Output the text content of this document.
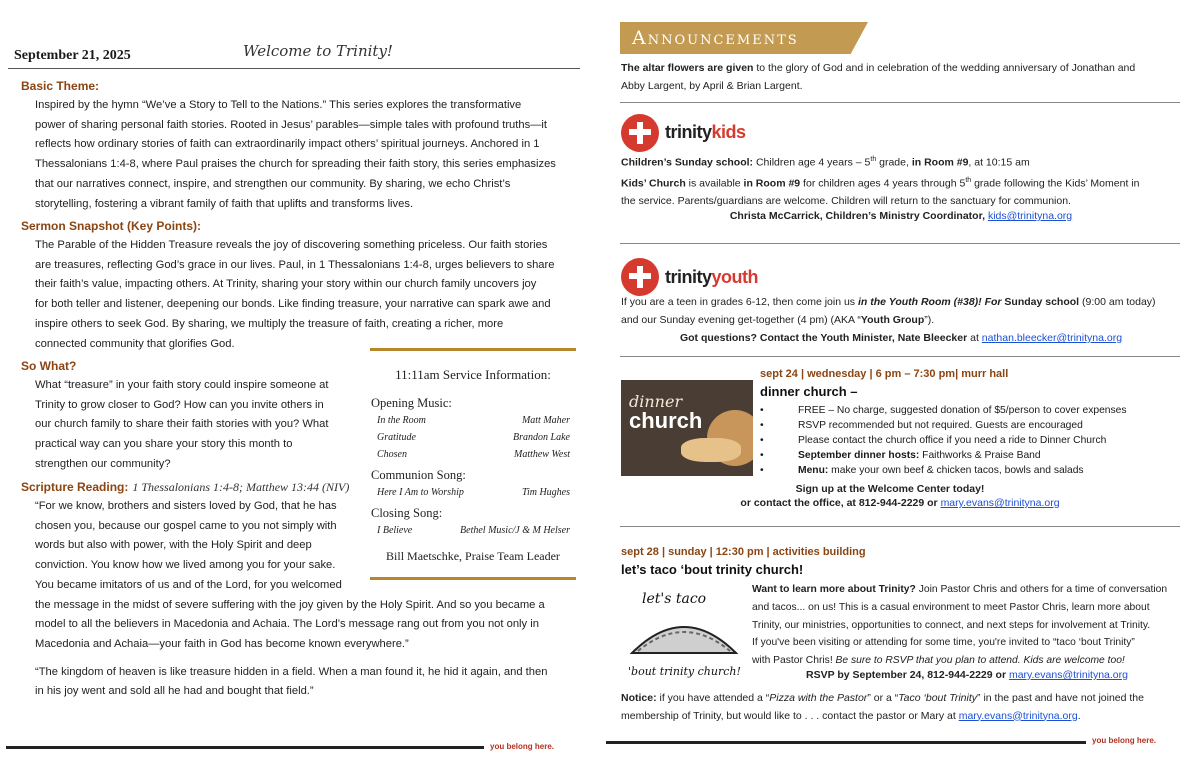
September 21, 2025	Welcome to Trinity!
Basic Theme:
Inspired by the hymn “We’ve a Story to Tell to the Nations.” This series explores the transformative
power of sharing personal faith stories. Rooted in Jesus’ parables—simple tales with profound truths—it
reflects how ordinary stories of faith can extraordinarily impact others’ spiritual journeys. Anchored in 1
Thessalonians 1:4-8, where Paul praises the church for spreading their faith story, this series emphasizes
that our narratives connect, inspire, and strengthen our community. By sharing, we echo Christ’s
storytelling, fostering a vibrant family of faith that uplifts and transforms lives.
Sermon Snapshot (Key Points):
The Parable of the Hidden Treasure reveals the joy of discovering something priceless. Our faith stories
are treasures, reflecting God’s grace in our lives. Paul, in 1 Thessalonians 1:4-8, urges believers to share
their faith’s value, impacting others. At Trinity, sharing your story within our church family uncovers joy
for both teller and listener, deepening our bonds. Like finding treasure, your narrative can spark awe and
inspire others to seek God. By sharing, we multiply the treasure of faith, creating a richer, more
connected community that glorifies God.
So What?
What “treasure” in your faith story could inspire someone at
Trinity to grow closer to God? How can you invite others in
our church family to share their faith stories with you? What
practical way can you share your story this month to
strengthen our community?
Scripture Reading: 1 Thessalonians 1:4-8; Matthew 13:44 (NIV)
“For we know, brothers and sisters loved by God, that he has
chosen you, because our gospel came to you not simply with
words but also with power, with the Holy Spirit and deep
conviction. You know how we lived among you for your sake.
You became imitators of us and of the Lord, for you welcomed
the message in the midst of severe suffering with the joy given by the Holy Spirit. And so you became a
model to all the believers in Macedonia and Achaia. The Lord’s message rang out from you not only in
Macedonia and Achaia—your faith in God has become known everywhere.”
“The kingdom of heaven is like treasure hidden in a field. When a man found it, he hid it again, and then
in his joy went and sold all he had and bought that field.”
11:11am Service Information:
Opening Music:
In the Room	Matt Maher
Gratitude	Brandon Lake
Chosen	Matthew West
Communion Song:
Here I Am to Worship	Tim Hughes
Closing Song:
I Believe	Bethel Music/J & M Helser
Bill Maetschke, Praise Team Leader
you belong here.
Announcements
The altar flowers are given to the glory of God and in celebration of the wedding anniversary of Jonathan and
Abby Largent, by April & Brian Largent.
trinitykids
Children’s Sunday school: Children age 4 years – 5th grade, in Room #9, at 10:15 am
Kids’ Church is available in Room #9 for children ages 4 years through 5th grade following the Kids’ Moment in
the service. Parents/guardians are welcome. Children will return to the sanctuary for communion.
Christa McCarrick, Children’s Ministry Coordinator, kids@trinityna.org
trinityyouth
If you are a teen in grades 6-12, then come join us in the Youth Room (#38)! For Sunday school (9:00 am today)
and our Sunday evening get-together (4 pm) (AKA “Youth Group”).
Got questions? Contact the Youth Minister, Nate Bleecker at nathan.bleecker@trinityna.org
sept 24 | wednesday | 6 pm – 7:30 pm| murr hall
dinner church –
dinner
church
•	FREE – No charge, suggested donation of $5/person to cover expenses
• RSVP recommended but not required. Guests are encouraged
• Please contact the church office if you need a ride to Dinner Church
• September dinner hosts: Faithworks & Praise Band
• Menu: make your own beef & chicken tacos, bowls and salads
Sign up at the Welcome Center today!
or contact the office, at 812-944-2229 or mary.evans@trinityna.org
sept 28 | sunday | 12:30 pm | activities building
let’s taco ‘bout trinity church!
let's taco
'bout trinity church!
Want to learn more about Trinity? Join Pastor Chris and others for a time of conversation
and tacos... on us! This is a casual environment to meet Pastor Chris, learn more about
Trinity, our ministries, opportunities to connect, and next steps for involvement at Trinity.
If you've been visiting or attending for some time, you're invited to “taco ‘bout Trinity”
with Pastor Chris! Be sure to RSVP that you plan to attend. Kids are welcome too!
RSVP by September 24, 812-944-2229 or mary.evans@trinityna.org
Notice: if you have attended a “Pizza with the Pastor” or a “Taco ‘bout Trinity” in the past and have not joined the
membership of Trinity, but would like to . . . contact the pastor or Mary at mary.evans@trinityna.org.
you belong here.
